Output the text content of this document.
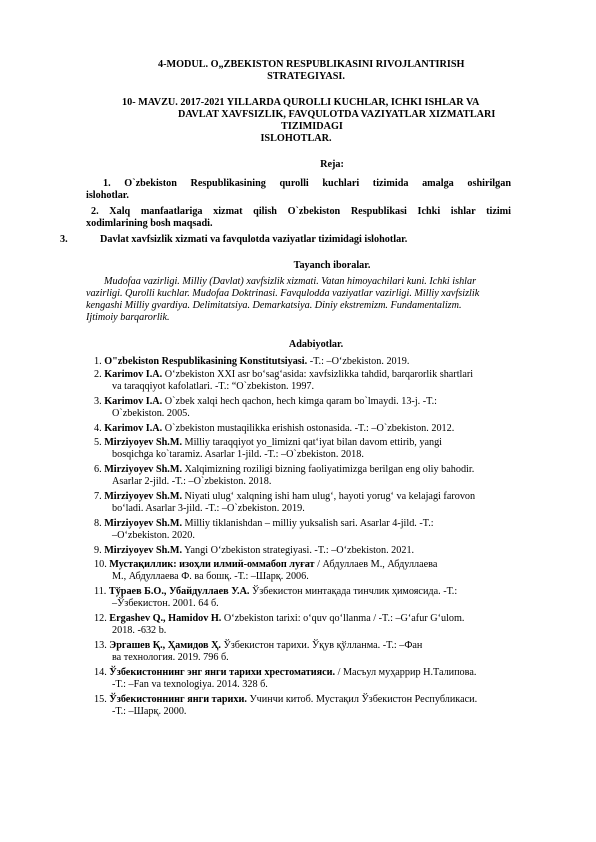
4-MODUL. O„ZBEKISTON RESPUBLIKASINI RIVOJLANTIRISH
STRATEGIYASI.
10- MAVZU. 2017-2021 YILLARDA QUROLLI KUCHLAR, ICHKI ISHLAR VA
DAVLAT XAVFSIZLIK, FAVQULOTDA VAZIYATLAR XIZMATLARI
TIZIMIDAGI
ISLOHOTLAR.
Reja:
1. O`zbekiston Respublikasining qurolli kuchlari tizimida amalga oshirilgan
islohotlar.
2. Xalq manfaatlariga xizmat qilish O`zbekiston Respublikasi Ichki ishlar tizimi
xodimlarining bosh maqsadi.
3.	Davlat xavfsizlik xizmati va favqulotda vaziyatlar tizimidagi islohotlar.
Tayanch iboralar.
Mudofaa vazirligi. Milliy (Davlat) xavfsizlik xizmati. Vatan himoyachilari kuni. Ichki ishlar
vazirligi. Qurolli kuchlar. Mudofaa Doktrinasi. Favqulodda vaziyatlar vazirligi. Milliy xavfsizlik
kengashi Milliy gvardiya. Delimitatsiya. Demarkatsiya. Diniy ekstremizm. Fundamentalizm.
Ijtimoiy barqarorlik.
Adabiyotlar.
1. O"zbekiston Respublikasining Konstitutsiyasi. -T.: –O‘zbekiston. 2019.
2. Karimov I.A. O‘zbekiston XXI asr bo‘sag‘asida: xavfsizlikka tahdid, barqarorlik shartlari
va taraqqiyot kafolatlari. -T.: “O`zbekiston. 1997.
3. Karimov I.A. O`zbek xalqi hech qachon, hech kimga qaram bo`lmaydi. 13-j. -T.:
O`zbekiston. 2005.
4. Karimov I.A. O`zbekiston mustaqilikka erishish ostonasida. -T.: –O`zbekiston. 2012.
5. Mirziyoyev Sh.M. Milliy taraqqiyot yo_limizni qat‘iyat bilan davom ettirib, yangi
bosqichga ko`taramiz. Asarlar 1-jild. -T.: –O`zbekiston. 2018.
6. Mirziyoyev Sh.M. Xalqimizning roziligi bizning faoliyatimizga berilgan eng oliy bahodir.
Asarlar 2-jild. -T.: –O`zbekiston. 2018.
7. Mirziyoyev Sh.M. Niyati ulug‘ xalqning ishi ham ulug‘, hayoti yorug‘ va kelajagi farovon
bo‘ladi. Asarlar 3-jild. -T.: –O`zbekiston. 2019.
8. Mirziyoyev Sh.M. Milliy tiklanishdan – milliy yuksalish sari. Asarlar 4-jild. -T.:
–O‘zbekiston. 2020.
9. Mirziyoyev Sh.M. Yangi O‘zbekiston strategiyasi. -T.: –O‘zbekiston. 2021.
10. Мустақиллик: изоҳли илмий-оммабоп луғат / Абдуллаев М., Абдуллаева
М., Абдуллаева Ф. ва бошқ. -Т.: –Шарқ. 2006.
11. Тўраев Б.О., Убайдуллаев У.А. Ўзбекистон минтақада тинчлик ҳимоясида. -Т.:
–Ўзбекистон. 2001. 64 б.
12. Ergashev Q., Hamidov H. O‘zbekiston tarixi: o‘quv qo‘llanma / -T.: –G‘afur G‘ulom.
2018. -632 b.
13. Эргашев Қ., Ҳамидов Ҳ. Ўзбекистон тарихи. Ўқув қўлланма. -Т.: –Фан
ва технология. 2019. 796 б.
14. Ўзбекистоннинг энг янги тарихи хрестоматияси. / Масъул муҳаррир Н.Талипова.
-Т.: –Fan va texnologiya. 2014. 328 б.
15. Ўзбекистоннинг янги тарихи. Учинчи китоб. Мустақил Ўзбекистон Республикаси.
-Т.: –Шарқ. 2000.
